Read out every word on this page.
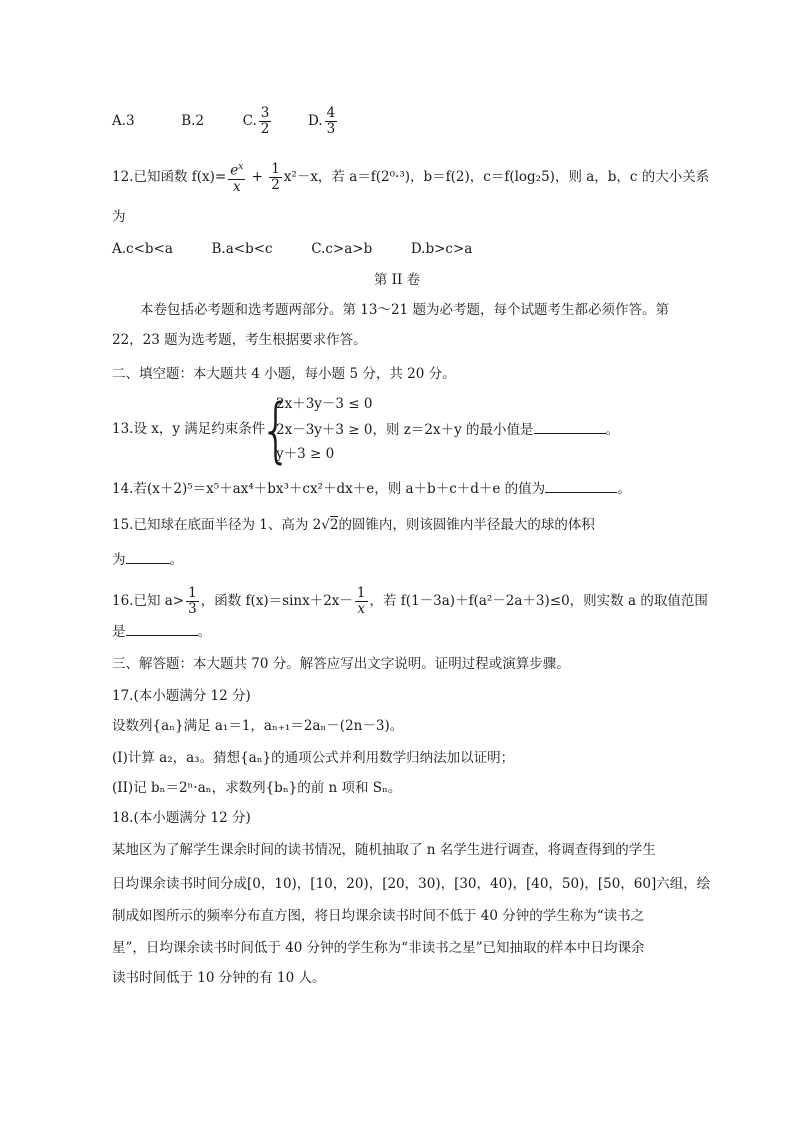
A.3	B.2	C. $\frac{3}{2}$	D. $\frac{4}{3}$
12.已知函数 $f(x)= \frac{e^x}{x} + \frac{1}{2} x^2-x$，若 a＝f(2⁰·³)，b＝f(2)，c＝f(log₂5)，则 a，b，c 的大小关系
为
A.c<b<a	B.a<b<c	C.c>a>b	D.b>c>a
第 II 卷
本卷包括必考题和选考题两部分。第 13～21 题为必考题，每个试题考生都必须作答。第
22，23 题为选考题，考生根据要求作答。
二、填空题：本大题共 4 小题，每小题 5 分，共 20 分。
13.设 x，y 满足约束条件
{
2x＋3y－3 ≤ 0
2x－3y＋3 ≥ 0，则 z＝2x＋y 的最小值是	。
y＋3 ≥ 0
14.若(x＋2)⁵＝x⁵＋ax⁴＋bx³＋cx²＋dx＋e，则 a＋b＋c＋d＋e 的值为	。
15.已知球在底面半径为 1、高为 2√2的圆锥内，则该圆锥内半径最大的球的体积
为	。
16.已知 $a> \frac{1}{3}$ ，函数 $f(x)=\sin x+2x- \frac{1}{x}$ ，若 f(1－3a)＋f(a²－2a＋3)≤0，则实数 a 的取值范围
是	。
三、解答题：本大题共 70 分。解答应写出文字说明。证明过程或演算步骤。
17.(本小题满分 12 分)
设数列{aₙ}满足 a₁＝1，aₙ₊₁＝2aₙ－(2n－3)。
(I)计算 a₂，a₃。猜想{aₙ}的通项公式并利用数学归纳法加以证明；
(II)记 bₙ＝2ⁿ·aₙ，求数列{bₙ}的前 n 项和 Sₙ。
18.(本小题满分 12 分)
某地区为了解学生课余时间的读书情况，随机抽取了 n 名学生进行调查，将调查得到的学生
日均课余读书时间分成[0，10)，[10，20)，[20，30)，[30，40)，[40，50)，[50，60]六组，绘
制成如图所示的频率分布直方图，将日均课余读书时间不低于 40 分钟的学生称为“读书之
星”，日均课余读书时间低于 40 分钟的学生称为“非读书之星”已知抽取的样本中日均课余
读书时间低于 10 分钟的有 10 人。
